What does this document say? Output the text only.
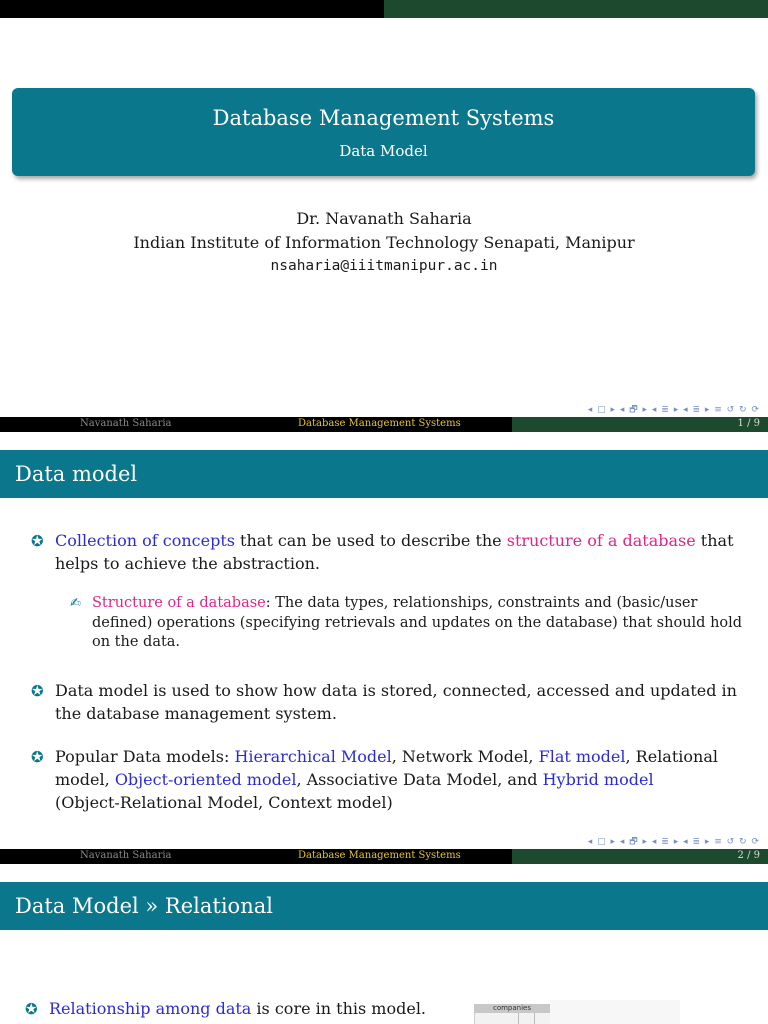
Database Management Systems
Data Model
Dr. Navanath Saharia
Indian Institute of Information Technology Senapati, Manipur
nsaharia@iiitmanipur.ac.in
◂ ▢ ▸ ◂ 🗗 ▸ ◂ ≣ ▸ ◂ ≣ ▸ ≡ ↺ ↻ ⟳
Navanath Saharia	Database Management Systems	1 / 9
Data model
✪ Collection of concepts that can be used to describe the structure of a database that
helps to achieve the abstraction.
✍ Structure of a database: The data types, relationships, constraints and (basic/user
defined) operations (specifying retrievals and updates on the database) that should hold
on the data.
✪ Data model is used to show how data is stored, connected, accessed and updated in
the database management system.
✪ Popular Data models: Hierarchical Model, Network Model, Flat model, Relational
model, Object-oriented model, Associative Data Model, and Hybrid model
(Object-Relational Model, Context model)
◂ ▢ ▸ ◂ 🗗 ▸ ◂ ≣ ▸ ◂ ≣ ▸ ≡ ↺ ↻ ⟳
Navanath Saharia	Database Management Systems	2 / 9
Data Model » Relational
✪ Relationship among data is core in this model.	companies
